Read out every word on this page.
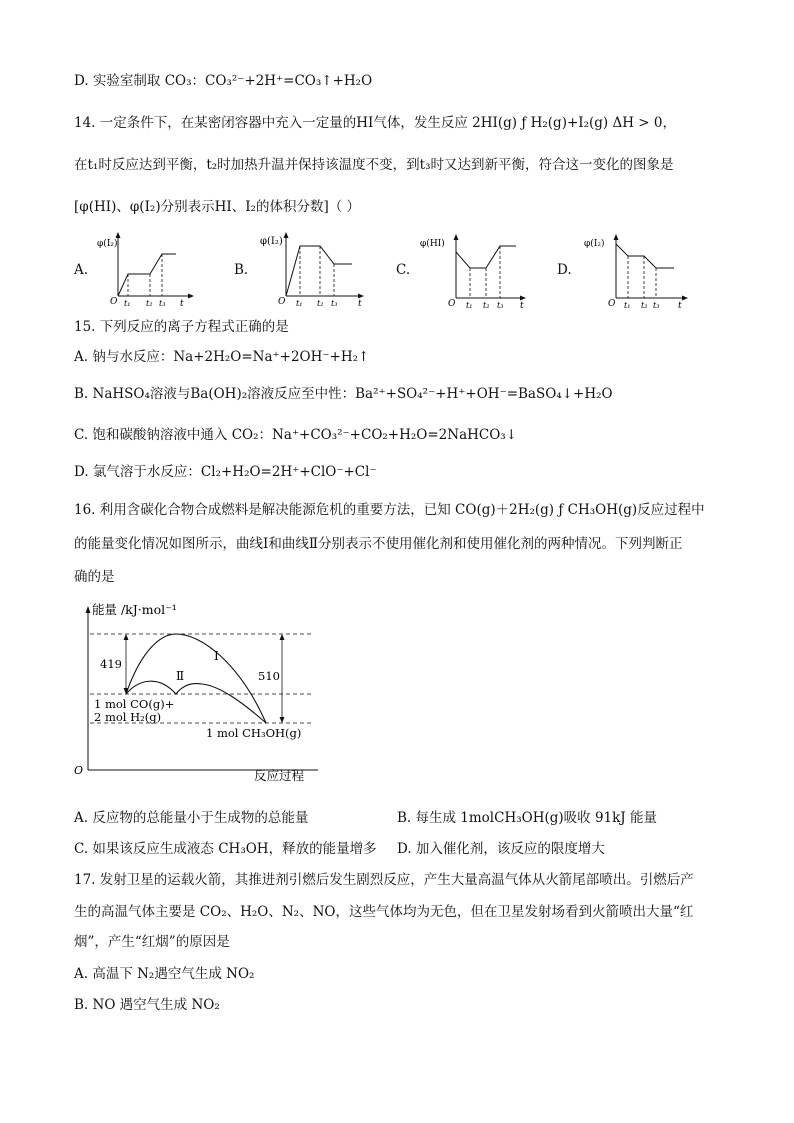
D. 实验室制取 CO₃：CO₃²⁻+2H⁺=CO₃↑+H₂O
14. 一定条件下，在某密闭容器中充入一定量的HI气体，发生反应 2HI(g) ƒ H₂(g)+I₂(g) ΔH > 0，
在t₁时反应达到平衡，t₂时加热升温并保持该温度不变，到t₃时又达到新平衡，符合这一变化的图象是
[φ(HI)、φ(I₂)分别表示HI、I₂的体积分数]（ ）
A.
φ(I₂)
O t₁ t₂ t₃ t
B.
φ(I₂)
O t₁ t₂ t₃ t
C.
φ(HI)
O t₁ t₂ t₃ t
D.
φ(I₂)
O t₁ t₂ t₃ t
15. 下列反应的离子方程式正确的是
A. 钠与水反应：Na+2H₂O=Na⁺+2OH⁻+H₂↑
B. NaHSO₄溶液与Ba(OH)₂溶液反应至中性：Ba²⁺+SO₄²⁻+H⁺+OH⁻=BaSO₄↓+H₂O
C. 饱和碳酸钠溶液中通入 CO₂：Na⁺+CO₃²⁻+CO₂+H₂O=2NaHCO₃↓
D. 氯气溶于水反应：Cl₂+H₂O=2H⁺+ClO⁻+Cl⁻
16. 利用含碳化合物合成燃料是解决能源危机的重要方法，已知 CO(g)＋2H₂(g) ƒ CH₃OH(g)反应过程中
的能量变化情况如图所示，曲线Ⅰ和曲线Ⅱ分别表示不使用催化剂和使用催化剂的两种情况。下列判断正
确的是
能量 /kJ·mol⁻¹
419
510
Ⅰ
Ⅱ
1 mol CO(g)+
2 mol H₂(g)
1 mol CH₃OH(g)
O	反应过程
A. 反应物的总能量小于生成物的总能量	B. 每生成 1molCH₃OH(g)吸收 91kJ 能量
C. 如果该反应生成液态 CH₃OH，释放的能量增多 D. 加入催化剂，该反应的限度增大
17. 发射卫星的运载火箭，其推进剂引燃后发生剧烈反应，产生大量高温气体从火箭尾部喷出。引燃后产
生的高温气体主要是 CO₂、H₂O、N₂、NO，这些气体均为无色，但在卫星发射场看到火箭喷出大量“红
烟”，产生“红烟”的原因是
A. 高温下 N₂遇空气生成 NO₂
B. NO 遇空气生成 NO₂
